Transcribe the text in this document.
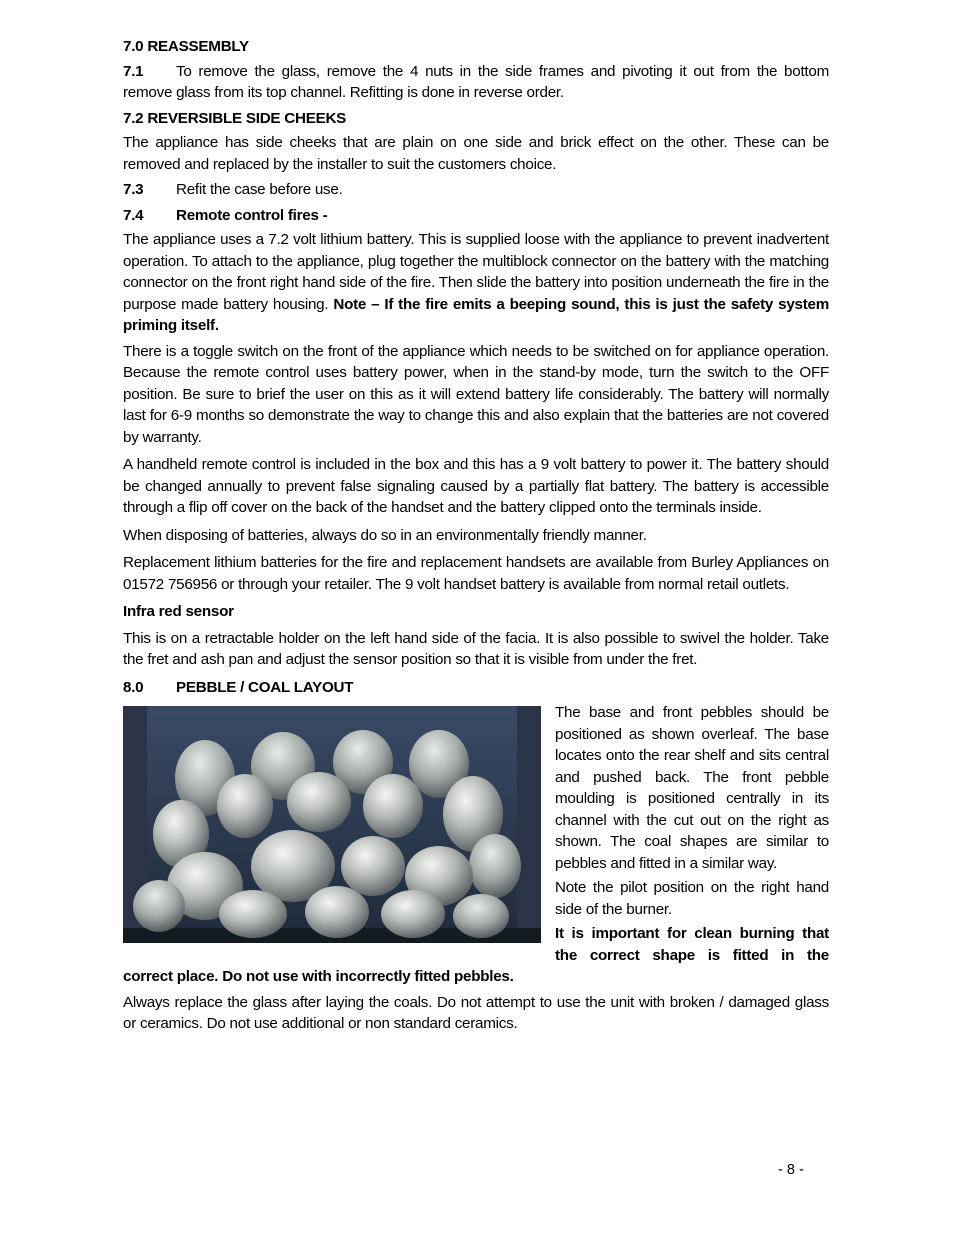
7.0 REASSEMBLY

7.1 To remove the glass, remove the 4 nuts in the side frames and pivoting it out from the bottom remove glass from its top channel. Refitting is done in reverse order.

7.2 REVERSIBLE SIDE CHEEKS

The appliance has side cheeks that are plain on one side and brick effect on the other. These can be removed and replaced by the installer to suit the customers choice.

7.3 Refit the case before use.

7.4 Remote control fires -

The appliance uses a 7.2 volt lithium battery. This is supplied loose with the appliance to prevent inadvertent operation. To attach to the appliance, plug together the multiblock connector on the battery with the matching connector on the front right hand side of the fire. Then slide the battery into position underneath the fire in the purpose made battery housing. Note – If the fire emits a beeping sound, this is just the safety system priming itself.

There is a toggle switch on the front of the appliance which needs to be switched on for appliance operation. Because the remote control uses battery power, when in the stand-by mode, turn the switch to the OFF position. Be sure to brief the user on this as it will extend battery life considerably. The battery will normally last for 6-9 months so demonstrate the way to change this and also explain that the batteries are not covered by warranty.

A handheld remote control is included in the box and this has a 9 volt battery to power it. The battery should be changed annually to prevent false signaling caused by a partially flat battery. The battery is accessible through a flip off cover on the back of the handset and the battery clipped onto the terminals inside.

When disposing of batteries, always do so in an environmentally friendly manner.

Replacement lithium batteries for the fire and replacement handsets are available from Burley Appliances on 01572 756956 or through your retailer. The 9 volt handset battery is available from normal retail outlets.

Infra red sensor

This is on a retractable holder on the left hand side of the facia. It is also possible to swivel the holder. Take the fret and ash pan and adjust the sensor position so that it is visible from under the fret.

8.0 PEBBLE / COAL LAYOUT

The base and front pebbles should be positioned as shown overleaf. The base locates onto the rear shelf and sits central and pushed back. The front pebble moulding is positioned centrally in its channel with the cut out on the right as shown. The coal shapes are similar to pebbles and fitted in a similar way.

Note the pilot position on the right hand side of the burner.

It is important for clean burning that the correct shape is fitted in the correct place. Do not use with incorrectly fitted pebbles.

Always replace the glass after laying the coals. Do not attempt to use the unit with broken / damaged glass or ceramics. Do not use additional or non standard ceramics.

- 8 -
